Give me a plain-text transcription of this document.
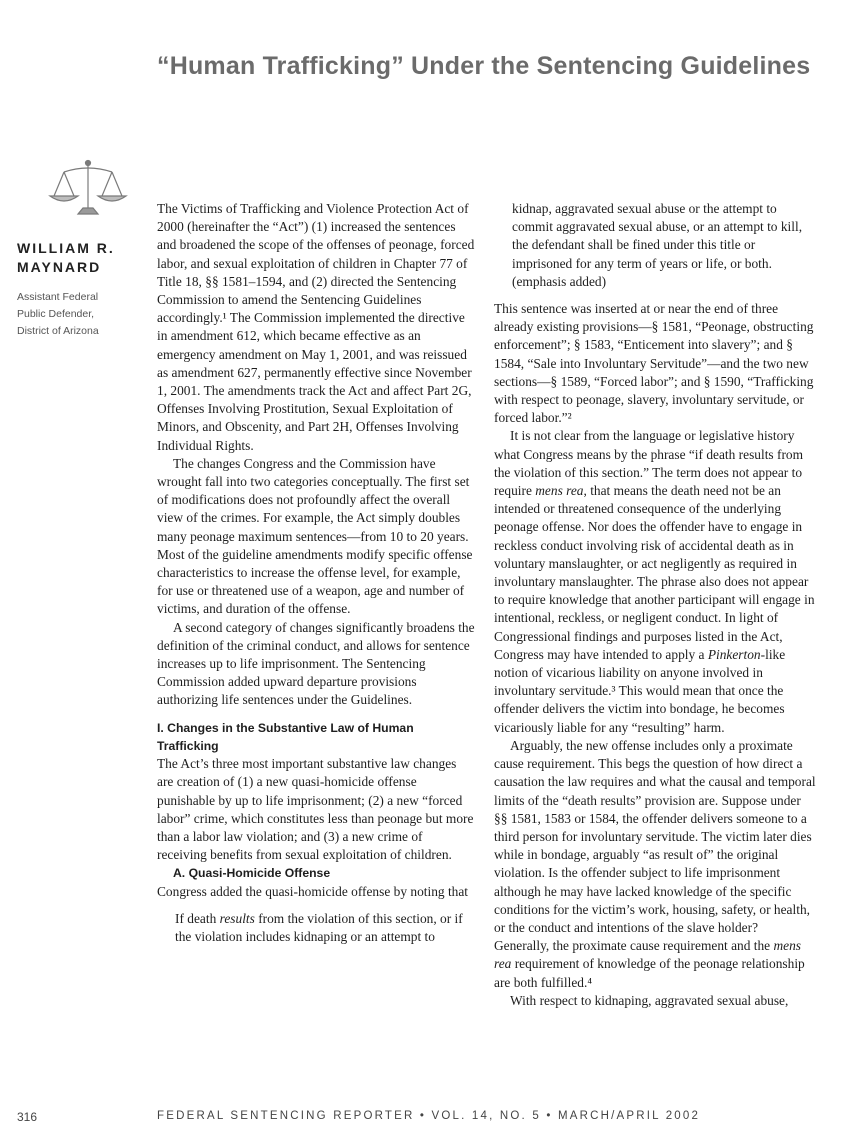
“Human Trafficking” Under the Sentencing Guidelines
WILLIAM R.
MAYNARD
Assistant Federal
Public Defender,
District of Arizona

The Victims of Trafficking and Violence Protection Act of 2000 (hereinafter the “Act”) (1) increased the sentences and broadened the scope of the offenses of peonage, forced labor, and sexual exploitation of children in Chapter 77 of Title 18, §§ 1581–1594, and (2) directed the Sentencing Commission to amend the Sentencing Guidelines accordingly.¹ The Commission implemented the directive in amendment 612, which became effective as an emergency amendment on May 1, 2001, and was reissued as amendment 627, permanently effective since November 1, 2001. The amendments track the Act and affect Part 2G, Offenses Involving Prostitution, Sexual Exploitation of Minors, and Obscenity, and Part 2H, Offenses Involving Individual Rights.

The changes Congress and the Commission have wrought fall into two categories conceptually. The first set of modifications does not profoundly affect the overall view of the crimes. For example, the Act simply doubles many peonage maximum sentences—from 10 to 20 years. Most of the guideline amendments modify specific offense characteristics to increase the offense level, for example, for use or threatened use of a weapon, age and number of victims, and duration of the offense.

A second category of changes significantly broadens the definition of the criminal conduct, and allows for sentence increases up to life imprisonment. The Sentencing Commission added upward departure provisions authorizing life sentences under the Guidelines.

I. Changes in the Substantive Law of Human Trafficking

The Act’s three most important substantive law changes are creation of (1) a new quasi-homicide offense punishable by up to life imprisonment; (2) a new “forced labor” crime, which constitutes less than peonage but more than a labor law violation; and (3) a new crime of receiving benefits from sexual exploitation of children.

A. Quasi-Homicide Offense

Congress added the quasi-homicide offense by noting that

If death results from the violation of this section, or if the violation includes kidnaping or an attempt to

kidnap, aggravated sexual abuse or the attempt to commit aggravated sexual abuse, or an attempt to kill, the defendant shall be fined under this title or imprisoned for any term of years or life, or both. (emphasis added)

This sentence was inserted at or near the end of three already existing provisions—§ 1581, “Peonage, obstructing enforcement”; § 1583, “Enticement into slavery”; and § 1584, “Sale into Involuntary Servitude”—and the two new sections—§ 1589, “Forced labor”; and § 1590, “Trafficking with respect to peonage, slavery, involuntary servitude, or forced labor.”²

It is not clear from the language or legislative history what Congress means by the phrase “if death results from the violation of this section.” The term does not appear to require mens rea, that means the death need not be an intended or threatened consequence of the underlying peonage offense. Nor does the offender have to engage in reckless conduct involving risk of accidental death as in voluntary manslaughter, or act negligently as required in involuntary manslaughter. The phrase also does not appear to require knowledge that another participant will engage in intentional, reckless, or negligent conduct. In light of Congressional findings and purposes listed in the Act, Congress may have intended to apply a Pinkerton-like notion of vicarious liability on anyone involved in involuntary servitude.³ This would mean that once the offender delivers the victim into bondage, he becomes vicariously liable for any “resulting” harm.

Arguably, the new offense includes only a proximate cause requirement. This begs the question of how direct a causation the law requires and what the causal and temporal limits of the “death results” provision are. Suppose under §§ 1581, 1583 or 1584, the offender delivers someone to a third person for involuntary servitude. The victim later dies while in bondage, arguably “as result of” the original violation. Is the offender subject to life imprisonment although he may have lacked knowledge of the specific conditions for the victim’s work, housing, safety, or health, or the conduct and intentions of the slave holder? Generally, the proximate cause requirement and the mens rea requirement of knowledge of the peonage relationship are both fulfilled.⁴

With respect to kidnaping, aggravated sexual abuse,

316	FEDERAL SENTENCING REPORTER • VOL. 14, NO. 5 • MARCH/APRIL 2002
